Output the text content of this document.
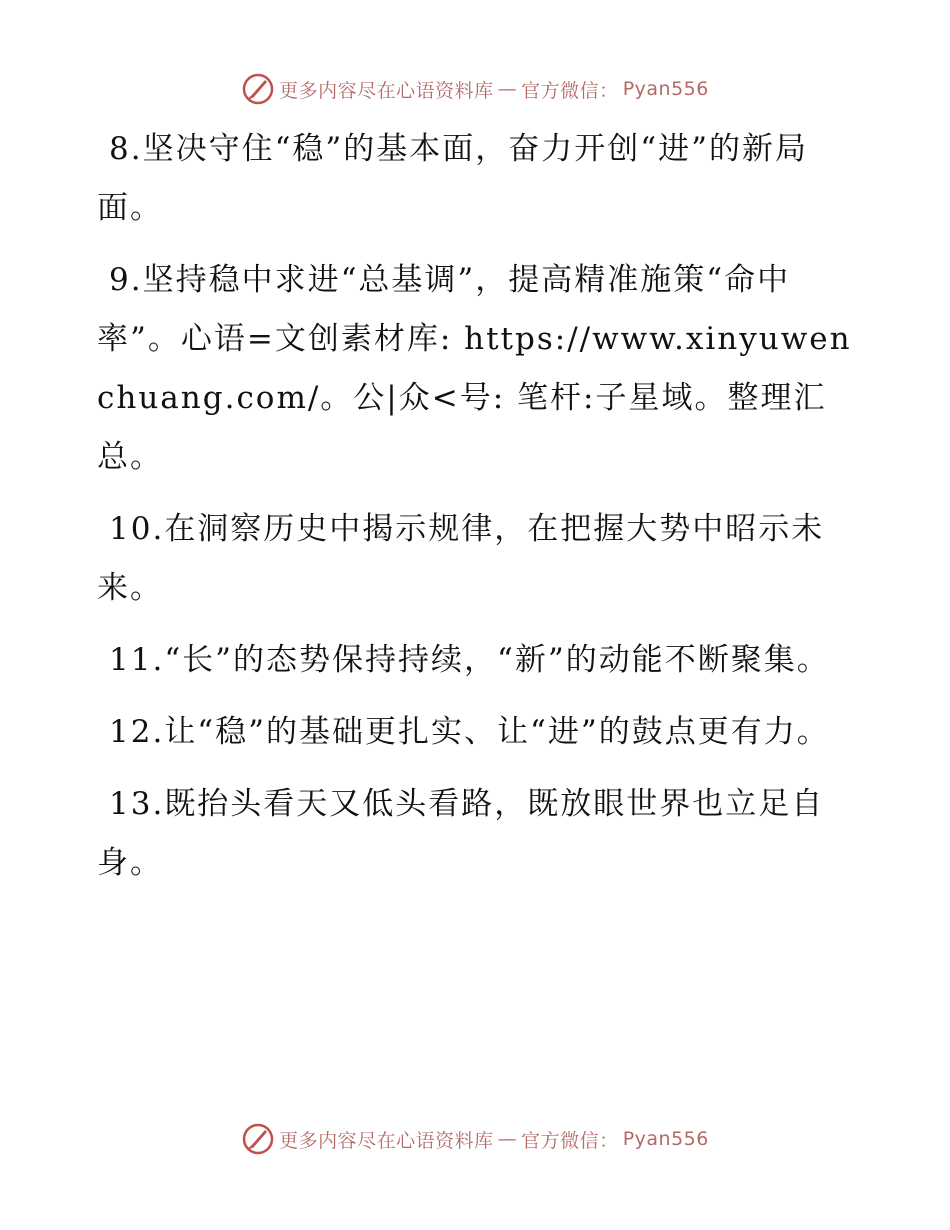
更多内容尽在心语资料库 — 官方微信： Pyan556

8.坚决守住“稳”的基本面，奋力开创“进”的新局面。

9.坚持稳中求进“总基调”，提高精准施策“命中率”。心语=文创素材库: https://www.xinyuwenchuang.com/。公|众<号: 笔杆:子星域。整理汇总。

10.在洞察历史中揭示规律，在把握大势中昭示未来。

11.“长”的态势保持持续，“新”的动能不断聚集。

12.让“稳”的基础更扎实、让“进”的鼓点更有力。

13.既抬头看天又低头看路，既放眼世界也立足自身。

更多内容尽在心语资料库 — 官方微信： Pyan556
